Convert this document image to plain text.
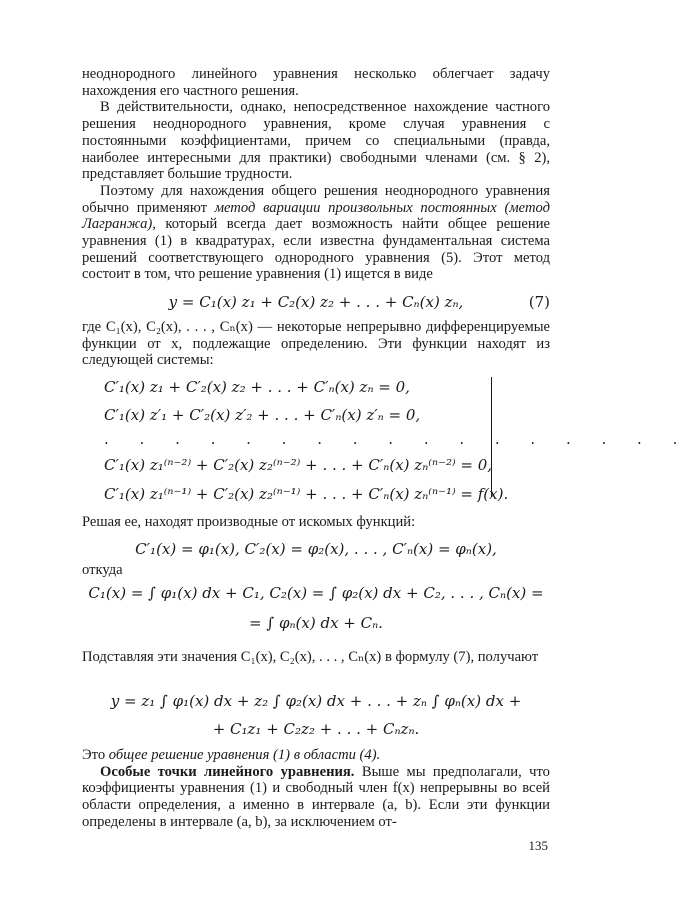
неоднородного линейного уравнения несколько облегчает задачу нахождения его частного решения.

В действительности, однако, непосредственное нахождение частного решения неоднородного уравнения, кроме случая уравнения с постоянными коэффициентами, причем со специальными (правда, наиболее интересными для практики) свободными членами (см. § 2), представляет большие трудности.

Поэтому для нахождения общего решения неоднородного уравнения обычно применяют метод вариации произвольных постоянных (метод Лагранжа), который всегда дает возможность найти общее решение уравнения (1) в квадратурах, если известна фундаментальная система решений соответствующего однородного уравнения (5). Этот метод состоит в том, что решение уравнения (1) ищется в виде

y = C₁(x) z₁ + C₂(x) z₂ + . . . + Cₙ(x) zₙ,	(7)

где C₁(x), C₂(x), . . . , Cₙ(x) — некоторые непрерывно дифференцируемые функции от x, подлежащие определению. Эти функции находят из следующей системы:

C′₁(x) z₁ + C′₂(x) z₂ + . . . + C′ₙ(x) zₙ = 0,
C′₁(x) z′₁ + C′₂(x) z′₂ + . . . + C′ₙ(x) z′ₙ = 0,
. . . . . . . . . . . . . . . . .
C′₁(x) z₁⁽ⁿ⁻²⁾ + C′₂(x) z₂⁽ⁿ⁻²⁾ + . . . + C′ₙ(x) zₙ⁽ⁿ⁻²⁾ = 0,
C′₁(x) z₁⁽ⁿ⁻¹⁾ + C′₂(x) z₂⁽ⁿ⁻¹⁾ + . . . + C′ₙ(x) zₙ⁽ⁿ⁻¹⁾ = f(x).

Решая ее, находят производные от искомых функций:

C′₁(x) = φ₁(x), C′₂(x) = φ₂(x), . . . , C′ₙ(x) = φₙ(x),

откуда

C₁(x) = ∫ φ₁(x) dx + C₁, C₂(x) = ∫ φ₂(x) dx + C₂, . . . , Cₙ(x) =
= ∫ φₙ(x) dx + Cₙ.

Подставляя эти значения C₁(x), C₂(x), . . . , Cₙ(x) в формулу (7), получают

y = z₁ ∫ φ₁(x) dx + z₂ ∫ φ₂(x) dx + . . . + zₙ ∫ φₙ(x) dx +
+ C₁z₁ + C₂z₂ + . . . + Cₙzₙ.

Это общее решение уравнения (1) в области (4).

Особые точки линейного уравнения. Выше мы предполагали, что коэффициенты уравнения (1) и свободный член f(x) непрерывны во всей области определения, а именно в интервале (a, b). Если эти функции определены в интервале (a, b), за исключением от-

135
